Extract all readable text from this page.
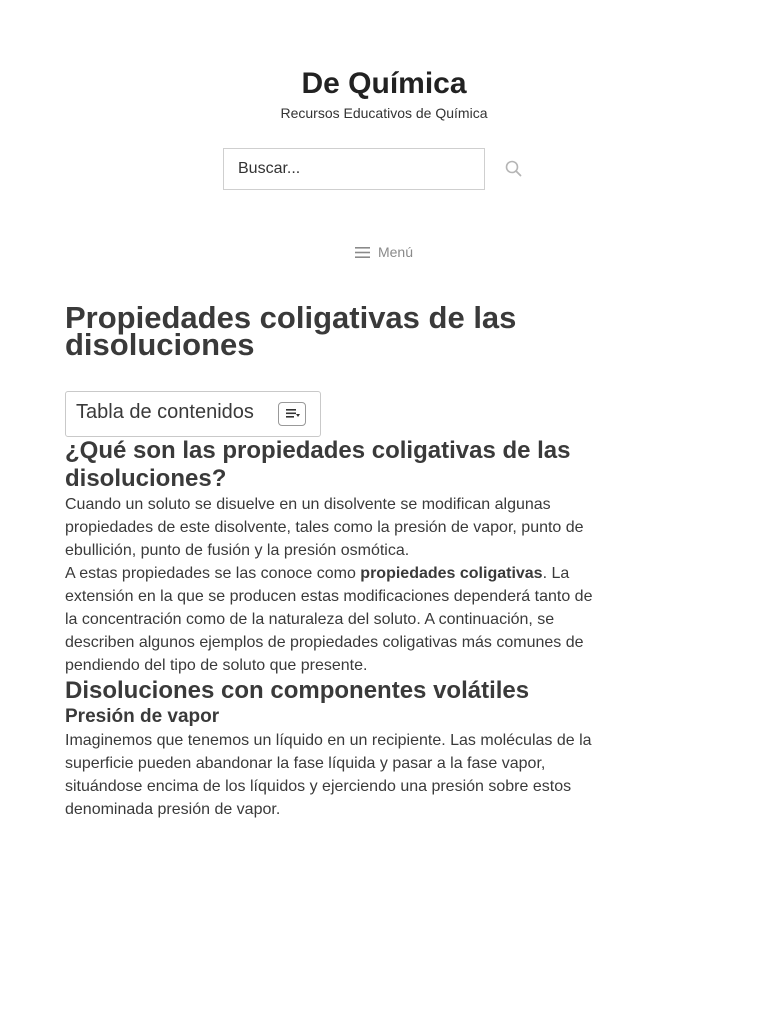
De Química
Recursos Educativos de Química
Buscar...
Menú
Propiedades coligativas de las disoluciones
Tabla de contenidos
¿Qué son las propiedades coligativas de las disoluciones?

Cuando un soluto se disuelve en un disolvente se modifican algunas propiedades de este disolvente, tales como la presión de vapor, punto de ebullición, punto de fusión y la presión osmótica.

A estas propiedades se las conoce como propiedades coligativas. La extensión en la que se producen estas modificaciones dependerá tanto de la concentración como de la naturaleza del soluto. A continuación, se describen algunos ejemplos de propiedades coligativas más comunes de pendiendo del tipo de soluto que presente.

Disoluciones con componentes volátiles
Presión de vapor

Imaginemos que tenemos un líquido en un recipiente. Las moléculas de la superficie pueden abandonar la fase líquida y pasar a la fase vapor, situándose encima de los líquidos y ejerciendo una presión sobre estos denominada presión de vapor.
